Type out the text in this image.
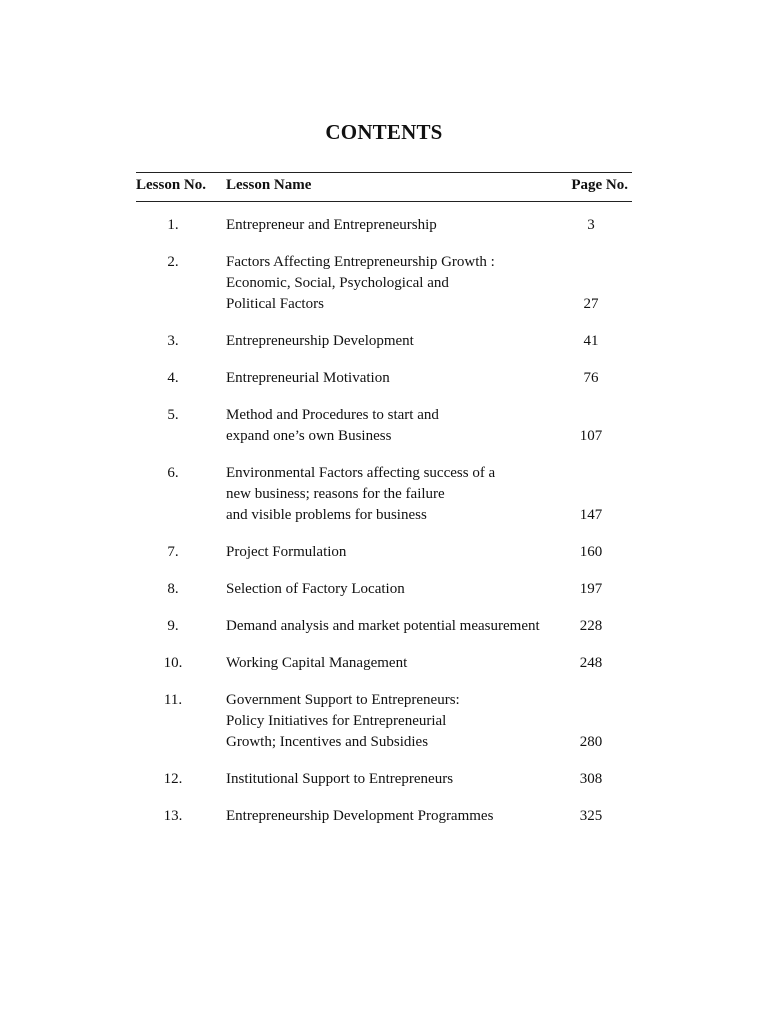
CONTENTS
Lesson No. Lesson Name	Page No.
1.	Entrepreneur and Entrepreneurship	3
2.	Factors Affecting Entrepreneurship Growth :
Economic, Social, Psychological and
Political Factors	27
3.	Entrepreneurship Development	41
4.	Entrepreneurial Motivation	76
5.	Method and Procedures to start and
expand one’s own Business	107
6.	Environmental Factors affecting success of a
new business; reasons for the failure
and visible problems for business	147
7.	Project Formulation	160
8.	Selection of Factory Location	197
9.	Demand analysis and market potential measurement	228
10.	Working Capital Management	248
11.	Government Support to Entrepreneurs:
Policy Initiatives for Entrepreneurial
Growth; Incentives and Subsidies	280
12.	Institutional Support to Entrepreneurs	308
13.	Entrepreneurship Development Programmes	325
